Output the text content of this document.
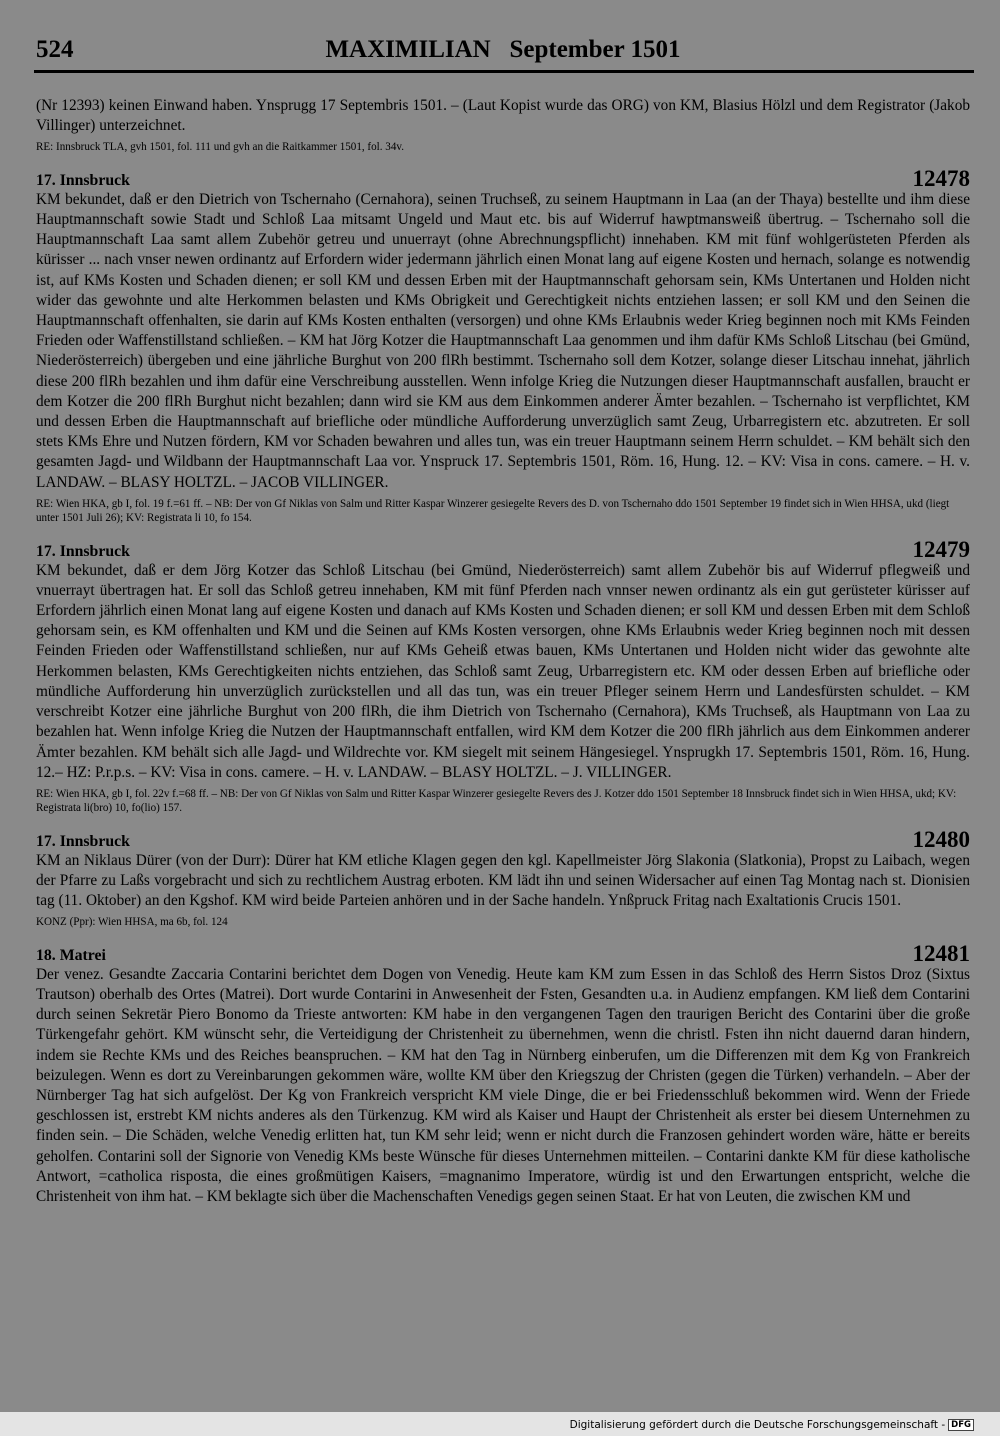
MAXIMILIAN   September 1501
524

(Nr 12393) keinen Einwand haben. Ynsprugg 17 Septembris 1501. – (Laut Kopist wurde das ORG) von KM, Blasius Hölzl und dem Registrator (Jakob Villinger) unterzeichnet.

RE: Innsbruck TLA, gvh 1501, fol. 111 und gvh an die Raitkammer 1501, fol. 34v.

17. Innsbruck	12478

KM bekundet, daß er den Dietrich von Tschernaho (Cernahora), seinen Truchseß, zu seinem Hauptmann in Laa (an der Thaya) bestellte und ihm diese Hauptmannschaft sowie Stadt und Schloß Laa mitsamt Ungeld und Maut etc. bis auf Widerruf hawptmansweiß übertrug. – Tschernaho soll die Hauptmannschaft Laa samt allem Zubehör getreu und unuerrayt (ohne Abrechnungspflicht) innehaben. KM mit fünf wohlgerüsteten Pferden als kürisser ... nach vnser newen ordinantz auf Erfordern wider jedermann jährlich einen Monat lang auf eigene Kosten und hernach, solange es notwendig ist, auf KMs Kosten und Schaden dienen; er soll KM und dessen Erben mit der Hauptmannschaft gehorsam sein, KMs Untertanen und Holden nicht wider das gewohnte und alte Herkommen belasten und KMs Obrigkeit und Gerechtigkeit nichts entziehen lassen; er soll KM und den Seinen die Hauptmannschaft offenhalten, sie darin auf KMs Kosten enthalten (versorgen) und ohne KMs Erlaubnis weder Krieg beginnen noch mit KMs Feinden Frieden oder Waffenstillstand schließen. – KM hat Jörg Kotzer die Hauptmannschaft Laa genommen und ihm dafür KMs Schloß Litschau (bei Gmünd, Niederösterreich) übergeben und eine jährliche Burghut von 200 flRh bestimmt. Tschernaho soll dem Kotzer, solange dieser Litschau innehat, jährlich diese 200 flRh bezahlen und ihm dafür eine Verschreibung ausstellen. Wenn infolge Krieg die Nutzungen dieser Hauptmannschaft ausfallen, braucht er dem Kotzer die 200 flRh Burghut nicht bezahlen; dann wird sie KM aus dem Einkommen anderer Ämter bezahlen. – Tschernaho ist verpflichtet, KM und dessen Erben die Hauptmannschaft auf briefliche oder mündliche Aufforderung unverzüglich samt Zeug, Urbarregistern etc. abzutreten. Er soll stets KMs Ehre und Nutzen fördern, KM vor Schaden bewahren und alles tun, was ein treuer Hauptmann seinem Herrn schuldet. – KM behält sich den gesamten Jagd- und Wildbann der Hauptmannschaft Laa vor. Ynspruck 17. Septembris 1501, Röm. 16, Hung. 12. – KV: Visa in cons. camere. – H. v. LANDAW. – BLASY HOLTZL. – JACOB VILLINGER.

RE: Wien HKA, gb I, fol. 19 f.=61 ff. – NB: Der von Gf Niklas von Salm und Ritter Kaspar Winzerer gesiegelte Revers des D. von Tschernaho ddo 1501 September 19 findet sich in Wien HHSA, ukd (liegt unter 1501 Juli 26); KV: Registrata li 10, fo 154.

17. Innsbruck	12479

KM bekundet, daß er dem Jörg Kotzer das Schloß Litschau (bei Gmünd, Niederösterreich) samt allem Zubehör bis auf Widerruf pflegweiß und vnuerrayt übertragen hat. Er soll das Schloß getreu innehaben, KM mit fünf Pferden nach vnnser newen ordinantz als ein gut gerüsteter kürisser auf Erfordern jährlich einen Monat lang auf eigene Kosten und danach auf KMs Kosten und Schaden dienen; er soll KM und dessen Erben mit dem Schloß gehorsam sein, es KM offenhalten und KM und die Seinen auf KMs Kosten versorgen, ohne KMs Erlaubnis weder Krieg beginnen noch mit dessen Feinden Frieden oder Waffenstillstand schließen, nur auf KMs Geheiß etwas bauen, KMs Untertanen und Holden nicht wider das gewohnte alte Herkommen belasten, KMs Gerechtigkeiten nichts entziehen, das Schloß samt Zeug, Urbarregistern etc. KM oder dessen Erben auf briefliche oder mündliche Aufforderung hin unverzüglich zurückstellen und all das tun, was ein treuer Pfleger seinem Herrn und Landesfürsten schuldet. – KM verschreibt Kotzer eine jährliche Burghut von 200 flRh, die ihm Dietrich von Tschernaho (Cernahora), KMs Truchseß, als Hauptmann von Laa zu bezahlen hat. Wenn infolge Krieg die Nutzen der Hauptmannschaft entfallen, wird KM dem Kotzer die 200 flRh jährlich aus dem Einkommen anderer Ämter bezahlen. KM behält sich alle Jagd- und Wildrechte vor. KM siegelt mit seinem Hängesiegel. Ynsprugkh 17. Septembris 1501, Röm. 16, Hung. 12.– HZ: P.r.p.s. – KV: Visa in cons. camere. – H. v. LANDAW. – BLASY HOLTZL. – J. VILLINGER.

RE: Wien HKA, gb I, fol. 22v f.=68 ff. – NB: Der von Gf Niklas von Salm und Ritter Kaspar Winzerer gesiegelte Revers des J. Kotzer ddo 1501 September 18 Innsbruck findet sich in Wien HHSA, ukd; KV: Registrata li(bro) 10, fo(lio) 157.

17. Innsbruck	12480

KM an Niklaus Dürer (von der Durr): Dürer hat KM etliche Klagen gegen den kgl. Kapellmeister Jörg Slakonia (Slatkonia), Propst zu Laibach, wegen der Pfarre zu Laßs vorgebracht und sich zu rechtlichem Austrag erboten. KM lädt ihn und seinen Widersacher auf einen Tag Montag nach st. Dionisien tag (11. Oktober) an den Kgshof. KM wird beide Parteien anhören und in der Sache handeln. Ynßpruck Fritag nach Exaltationis Crucis 1501.

KONZ (Ppr): Wien HHSA, ma 6b, fol. 124

18. Matrei	12481

Der venez. Gesandte Zaccaria Contarini berichtet dem Dogen von Venedig. Heute kam KM zum Essen in das Schloß des Herrn Sistos Droz (Sixtus Trautson) oberhalb des Ortes (Matrei). Dort wurde Contarini in Anwesenheit der Fsten, Gesandten u.a. in Audienz empfangen. KM ließ dem Contarini durch seinen Sekretär Piero Bonomo da Trieste antworten: KM habe in den vergangenen Tagen den traurigen Bericht des Contarini über die große Türkengefahr gehört. KM wünscht sehr, die Verteidigung der Christenheit zu übernehmen, wenn die christl. Fsten ihn nicht dauernd daran hindern, indem sie Rechte KMs und des Reiches beanspruchen. – KM hat den Tag in Nürnberg einberufen, um die Differenzen mit dem Kg von Frankreich beizulegen. Wenn es dort zu Vereinbarungen gekommen wäre, wollte KM über den Kriegszug der Christen (gegen die Türken) verhandeln. – Aber der Nürnberger Tag hat sich aufgelöst. Der Kg von Frankreich verspricht KM viele Dinge, die er bei Friedensschluß bekommen wird. Wenn der Friede geschlossen ist, erstrebt KM nichts anderes als den Türkenzug. KM wird als Kaiser und Haupt der Christenheit als erster bei diesem Unternehmen zu finden sein. – Die Schäden, welche Venedig erlitten hat, tun KM sehr leid; wenn er nicht durch die Franzosen gehindert worden wäre, hätte er bereits geholfen. Contarini soll der Signorie von Venedig KMs beste Wünsche für dieses Unternehmen mitteilen. – Contarini dankte KM für diese katholische Antwort, =catholica risposta, die eines großmütigen Kaisers, =magnanimo Imperatore, würdig ist und den Erwartungen entspricht, welche die Christenheit von ihm hat. – KM beklagte sich über die Machenschaften Venedigs gegen seinen Staat. Er hat von Leuten, die zwischen KM und

Digitalisierung gefördert durch die Deutsche Forschungsgemeinschaft - DFG
